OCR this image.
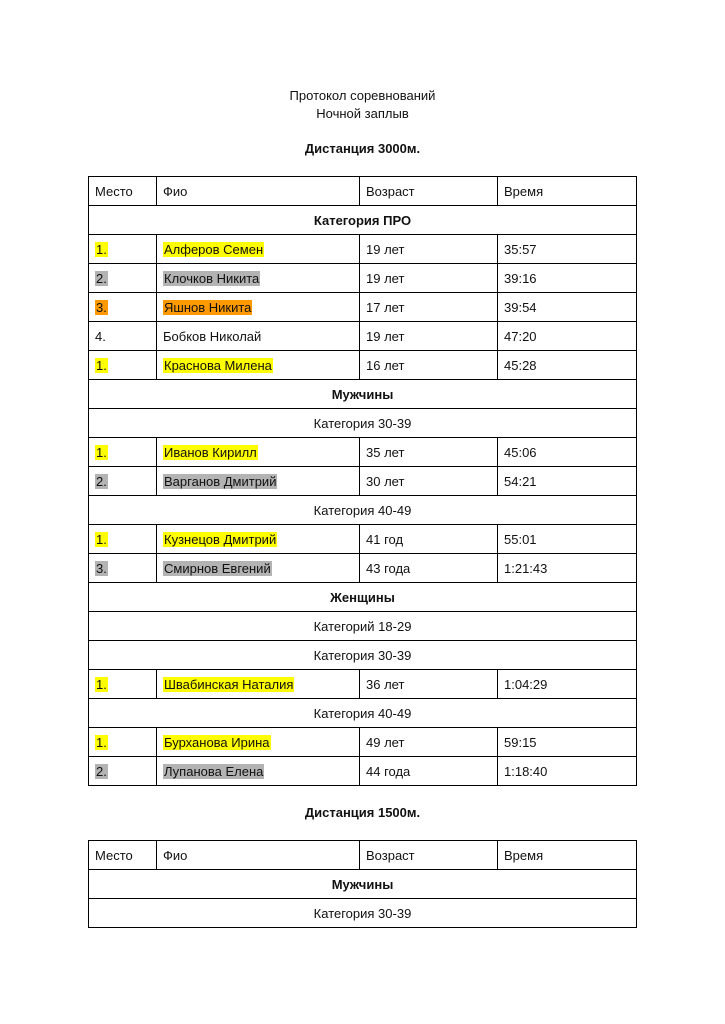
Протокол соревнований
Ночной заплыв
Дистанция 3000м.
Место	Фио	Возраст	Время
Категория ПРО			
1.	Алферов Семен	19 лет	35:57
2.	Клочков Никита	19 лет	39:16
3.	Яшнов Никита	17 лет	39:54
4.	Бобков Николай	19 лет	47:20
1.	Краснова Милена	16 лет	45:28
Мужчины			
Категория 30-39			
1.	Иванов Кирилл	35 лет	45:06
2.	Варганов Дмитрий	30 лет	54:21
Категория 40-49			
1.	Кузнецов Дмитрий	41 год	55:01
3.	Смирнов Евгений	43 года	1:21:43
Женщины			
Категорий 18-29			
Категория 30-39			
1.	Швабинская Наталия	36 лет	1:04:29
Категория 40-49			
1.	Бурханова Ирина	49 лет	59:15
2.	Лупанова Елена	44 года	1:18:40
Дистанция 1500м.
Место	Фио	Возраст	Время
Мужчины
Категория 30-39
